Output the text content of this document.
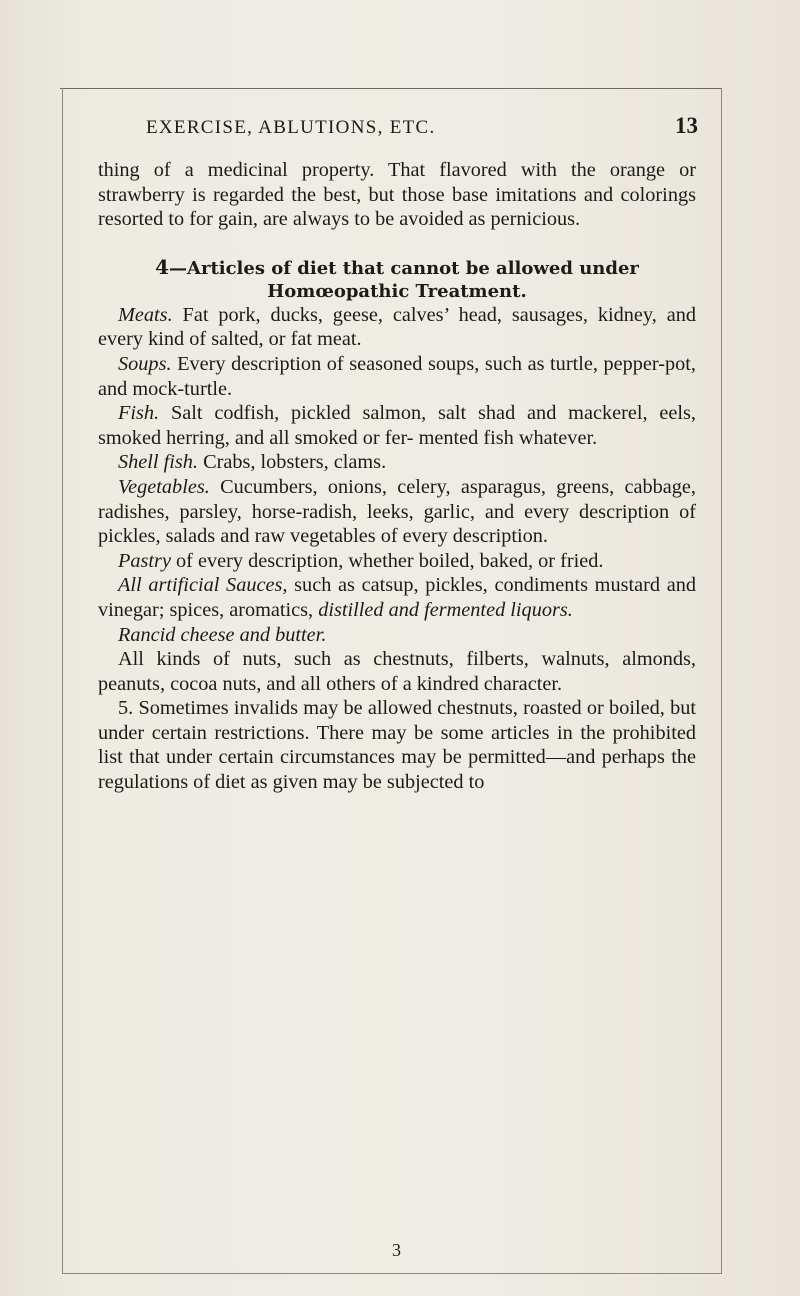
EXERCISE, ABLUTIONS, ETC.	13

thing of a medicinal property. That flavored with the orange or strawberry is regarded the best, but those base imitations and colorings resorted to for gain, are always to be avoided as pernicious.

4—Articles of diet that cannot be allowed under
Homœopathic Treatment.

Meats. Fat pork, ducks, geese, calves’ head, sausages, kidney, and every kind of salted, or fat meat.

Soups. Every description of seasoned soups, such as turtle, pepper-pot, and mock-turtle.

Fish. Salt codfish, pickled salmon, salt shad and mackerel, eels, smoked herring, and all smoked or fer- mented fish whatever.

Shell fish. Crabs, lobsters, clams.

Vegetables. Cucumbers, onions, celery, asparagus, greens, cabbage, radishes, parsley, horse-radish, leeks, garlic, and every description of pickles, salads and raw vegetables of every description.

Pastry of every description, whether boiled, baked, or fried.

All artificial Sauces, such as catsup, pickles, condiments mustard and vinegar; spices, aromatics, distilled and fermented liquors.

Rancid cheese and butter.

All kinds of nuts, such as chestnuts, filberts, walnuts, almonds, peanuts, cocoa nuts, and all others of a kindred character.

5. Sometimes invalids may be allowed chestnuts, roasted or boiled, but under certain restrictions. There may be some articles in the prohibited list that under certain circumstances may be permitted—and perhaps the regulations of diet as given may be subjected to

3
